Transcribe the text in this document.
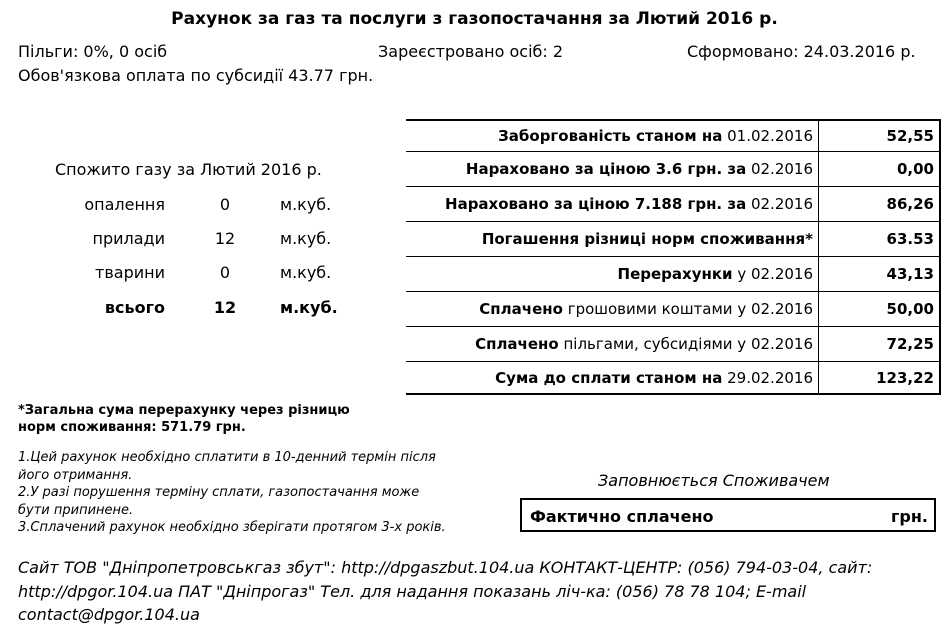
Рахунок за газ та послуги з газопостачання за Лютий 2016 р.
Пільги: 0%, 0 осіб	Зареєстровано осіб: 2	Сформовано: 24.03.2016 р.
Обов'язкова оплата по субсидії 43.77 грн.
Спожито газу за Лютий 2016 р.
опалення	0	м.куб.
прилади	12	м.куб.
тварини	0	м.куб.
всього	12	м.куб.
Заборгованість станом на 01.02.2016	52,55
Нараховано за ціною 3.6 грн. за 02.2016	0,00
Нараховано за ціною 7.188 грн. за 02.2016	86,26
Погашення різниці норм споживання*	63.53
Перерахунки у 02.2016	43,13
Сплачено грошовими коштами у 02.2016	50,00
Сплачено пільгами, субсидіями у 02.2016	72,25
Сума до сплати станом на 29.02.2016	123,22
*Загальна сума перерахунку через різницю
норм споживання: 571.79 грн.
1.Цей рахунок необхідно сплатити в 10-денний термін після
його отримання.
2.У разі порушення терміну сплати, газопостачання може
бути припинене.
3.Сплачений рахунок необхідно зберігати протягом 3-х років.
Заповнюється Споживачем
Фактично сплачено	грн.
Сайт ТОВ "Дніпропетровськгаз збут": http://dpgaszbut.104.ua КОНТАКТ-ЦЕНТР: (056) 794-03-04, сайт: http://dpgor.104.ua ПАТ "Дніпрогаз" Тел. для надання показань ліч-ка: (056) 78 78 104; E-mail contact@dpgor.104.ua
